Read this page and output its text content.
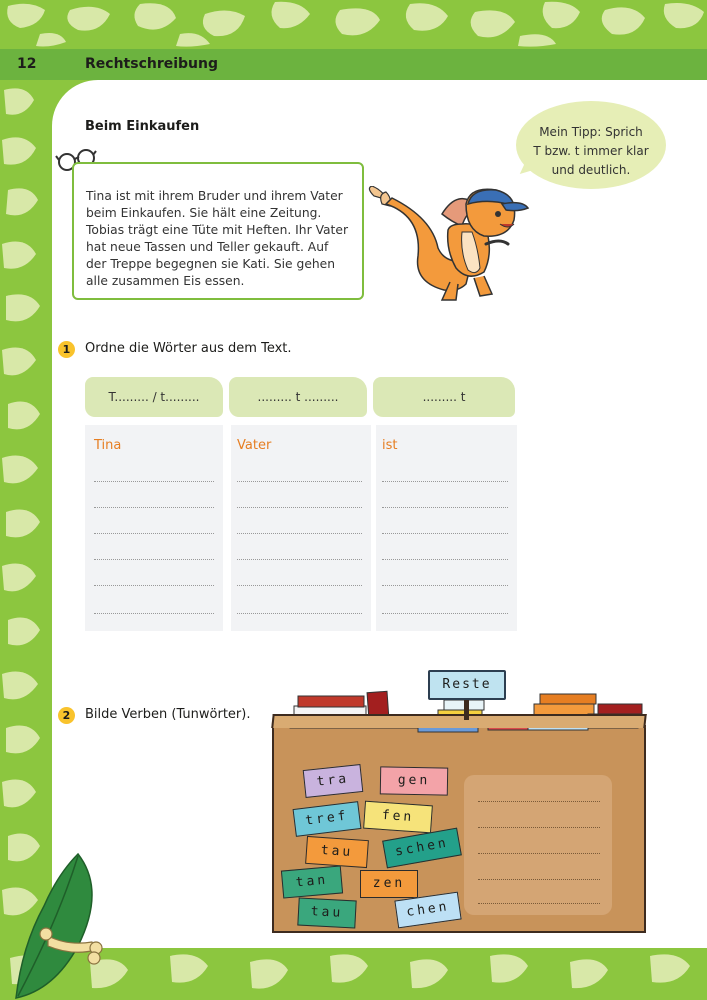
12	Rechtschreibung
Beim Einkaufen
Tina ist mit ihrem Bruder und ihrem Vater beim Einkaufen. Sie hält eine Zeitung. Tobias trägt eine Tüte mit Heften. Ihr Vater hat neue Tassen und Teller gekauft. Auf der Treppe begegnen sie Kati. Sie gehen alle zusammen Eis essen.
Mein Tipp: Sprich
T bzw. t immer klar
und deutlich.
1	Ordne die Wörter aus dem Text.
T......... / t.........	......... t .........	......... t
Tina	Vater	ist
2	Bilde Verben (Tunwörter).
Reste
tra	gen
tref	fen
tau	schen
tan	zen
tau	chen
